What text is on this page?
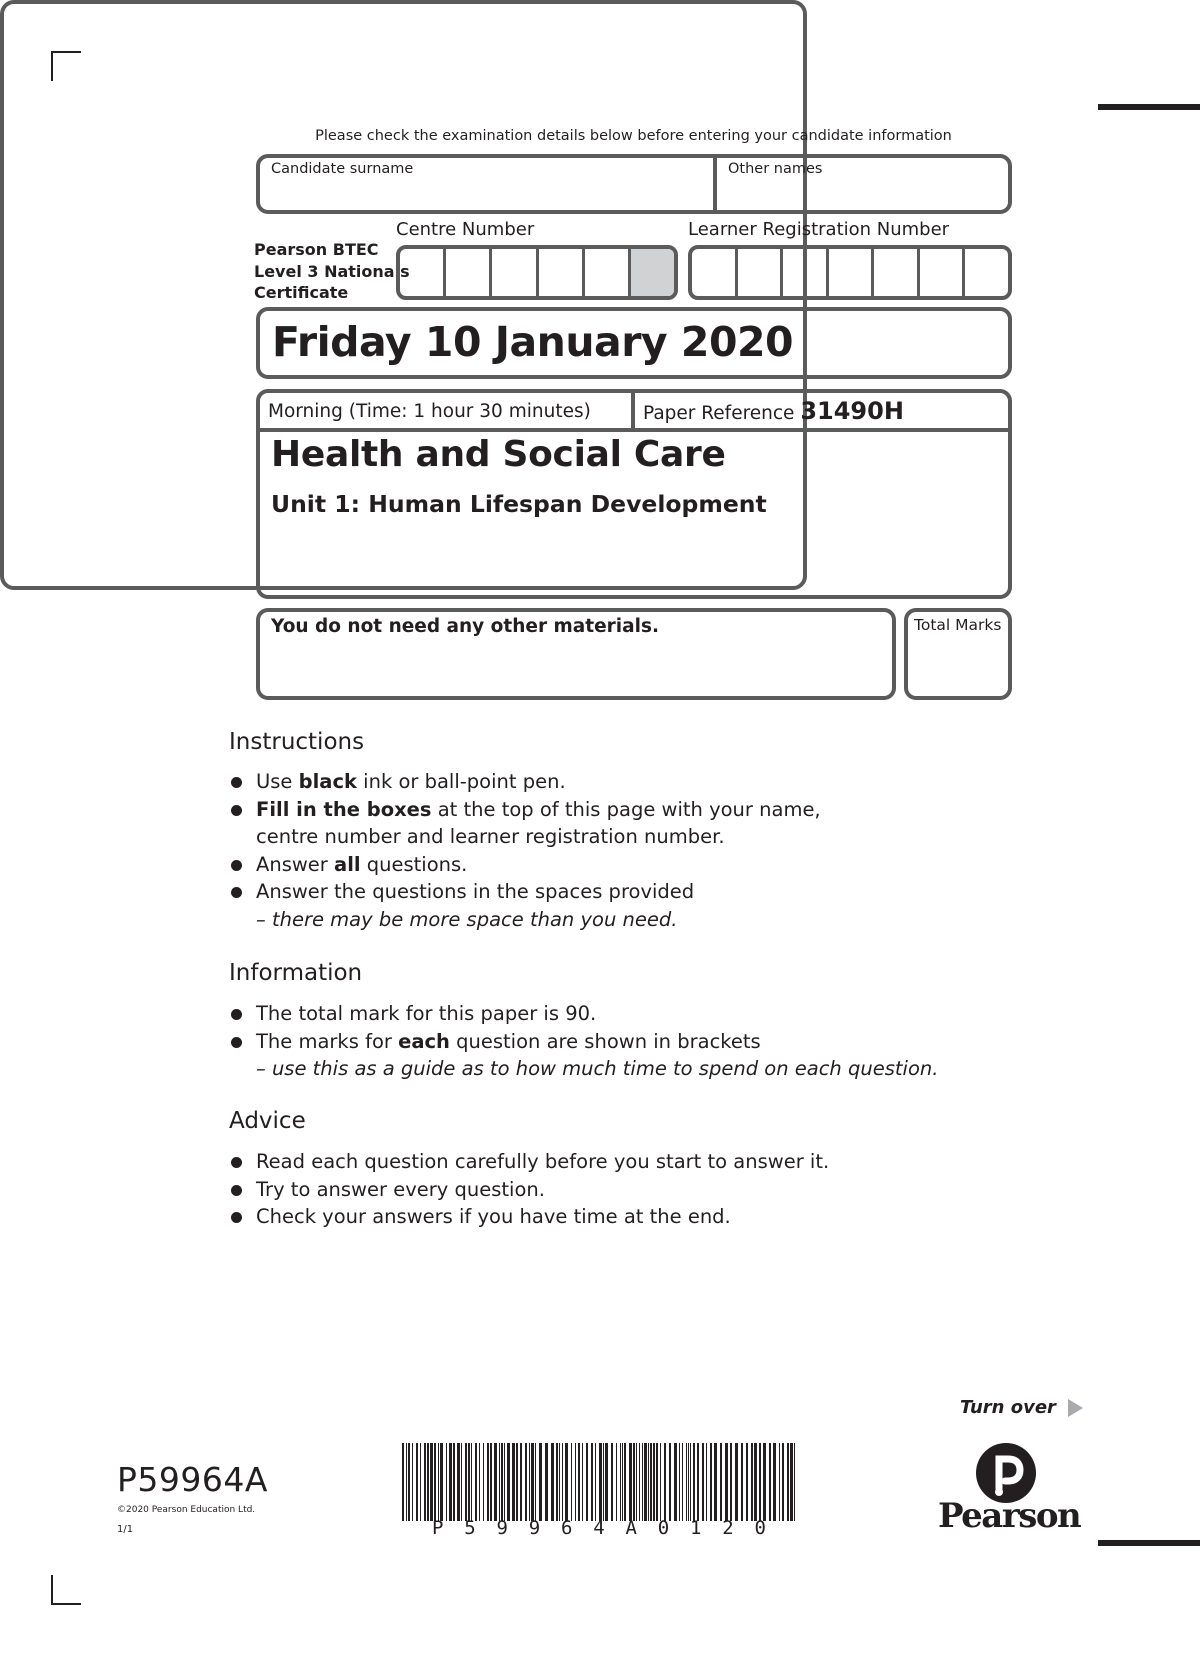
Please check the examination details below before entering your candidate information
Candidate surname	Other names
Centre Number	Learner Registration Number
Pearson BTEC
Level 3 Nationals
Certificate
Friday 10 January 2020
Morning (Time: 1 hour 30 minutes)	Paper Reference 31490H
Health and Social Care
Unit 1: Human Lifespan Development
You do not need any other materials.	Total Marks
Instructions
Use black ink or ball-point pen.
Fill in the boxes at the top of this page with your name,
centre number and learner registration number.
Answer all questions.
Answer the questions in the spaces provided
– there may be more space than you need.
Information
The total mark for this paper is 90.
The marks for each question are shown in brackets
– use this as a guide as to how much time to spend on each question.
Advice
Read each question carefully before you start to answer it.
Try to answer every question.
Check your answers if you have time at the end.
Turn over
P59964A
©2020 Pearson Education Ltd.
1/1	P 5 9 9 6 4 A 0 1 2 0	Pearson
